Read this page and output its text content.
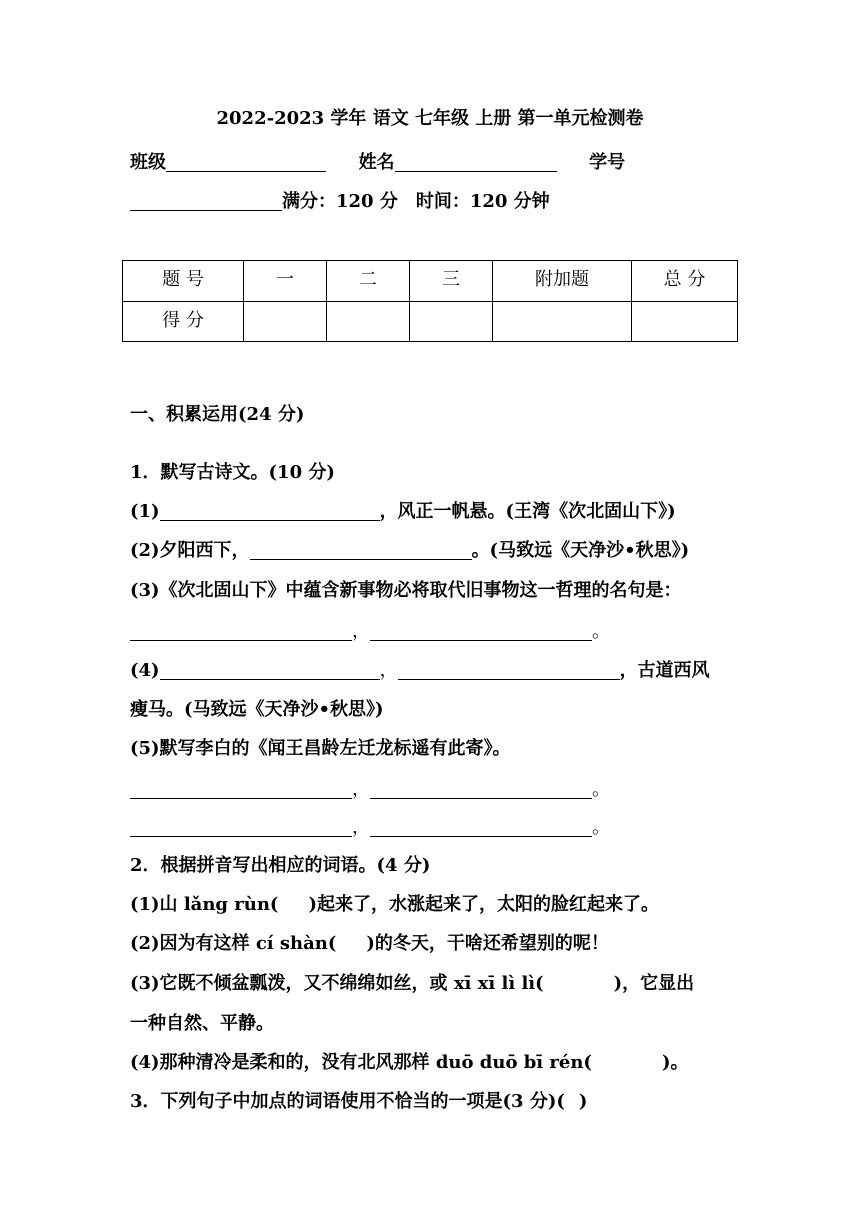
2022-2023 学年 语文 七年级 上册 第一单元检测卷
班级	姓名	学号
满分：120 分　时间：120 分钟
题 号	一	二	三	附加题	总 分
得 分					
一、积累运用(24 分)
1．默写古诗文。(10 分)
(1)	，风正一帆悬。(王湾《次北固山下》)
(2)夕阳西下，	。(马致远《天净沙•秋思》)
(3)《次北固山下》中蕴含新事物必将取代旧事物这一哲理的名句是：
，	。
(4)	，	，古道西风
瘦马。(马致远《天净沙•秋思》)
(5)默写李白的《闻王昌龄左迁龙标遥有此寄》。
，	。
，	。
2．根据拼音写出相应的词语。(4 分)
(1)山 lǎng rùn( )起来了，水涨起来了，太阳的脸红起来了。
(2)因为有这样 cí shàn( )的冬天，干啥还希望别的呢！
(3)它既不倾盆瓢泼，又不绵绵如丝，或 xī xī lì lì(	)，它显出
一种自然、平静。
(4)那种清冷是柔和的，没有北风那样 duō duō bī rén(	)。
3．下列句子中加点的词语使用不恰当的一项是(3 分)( )
